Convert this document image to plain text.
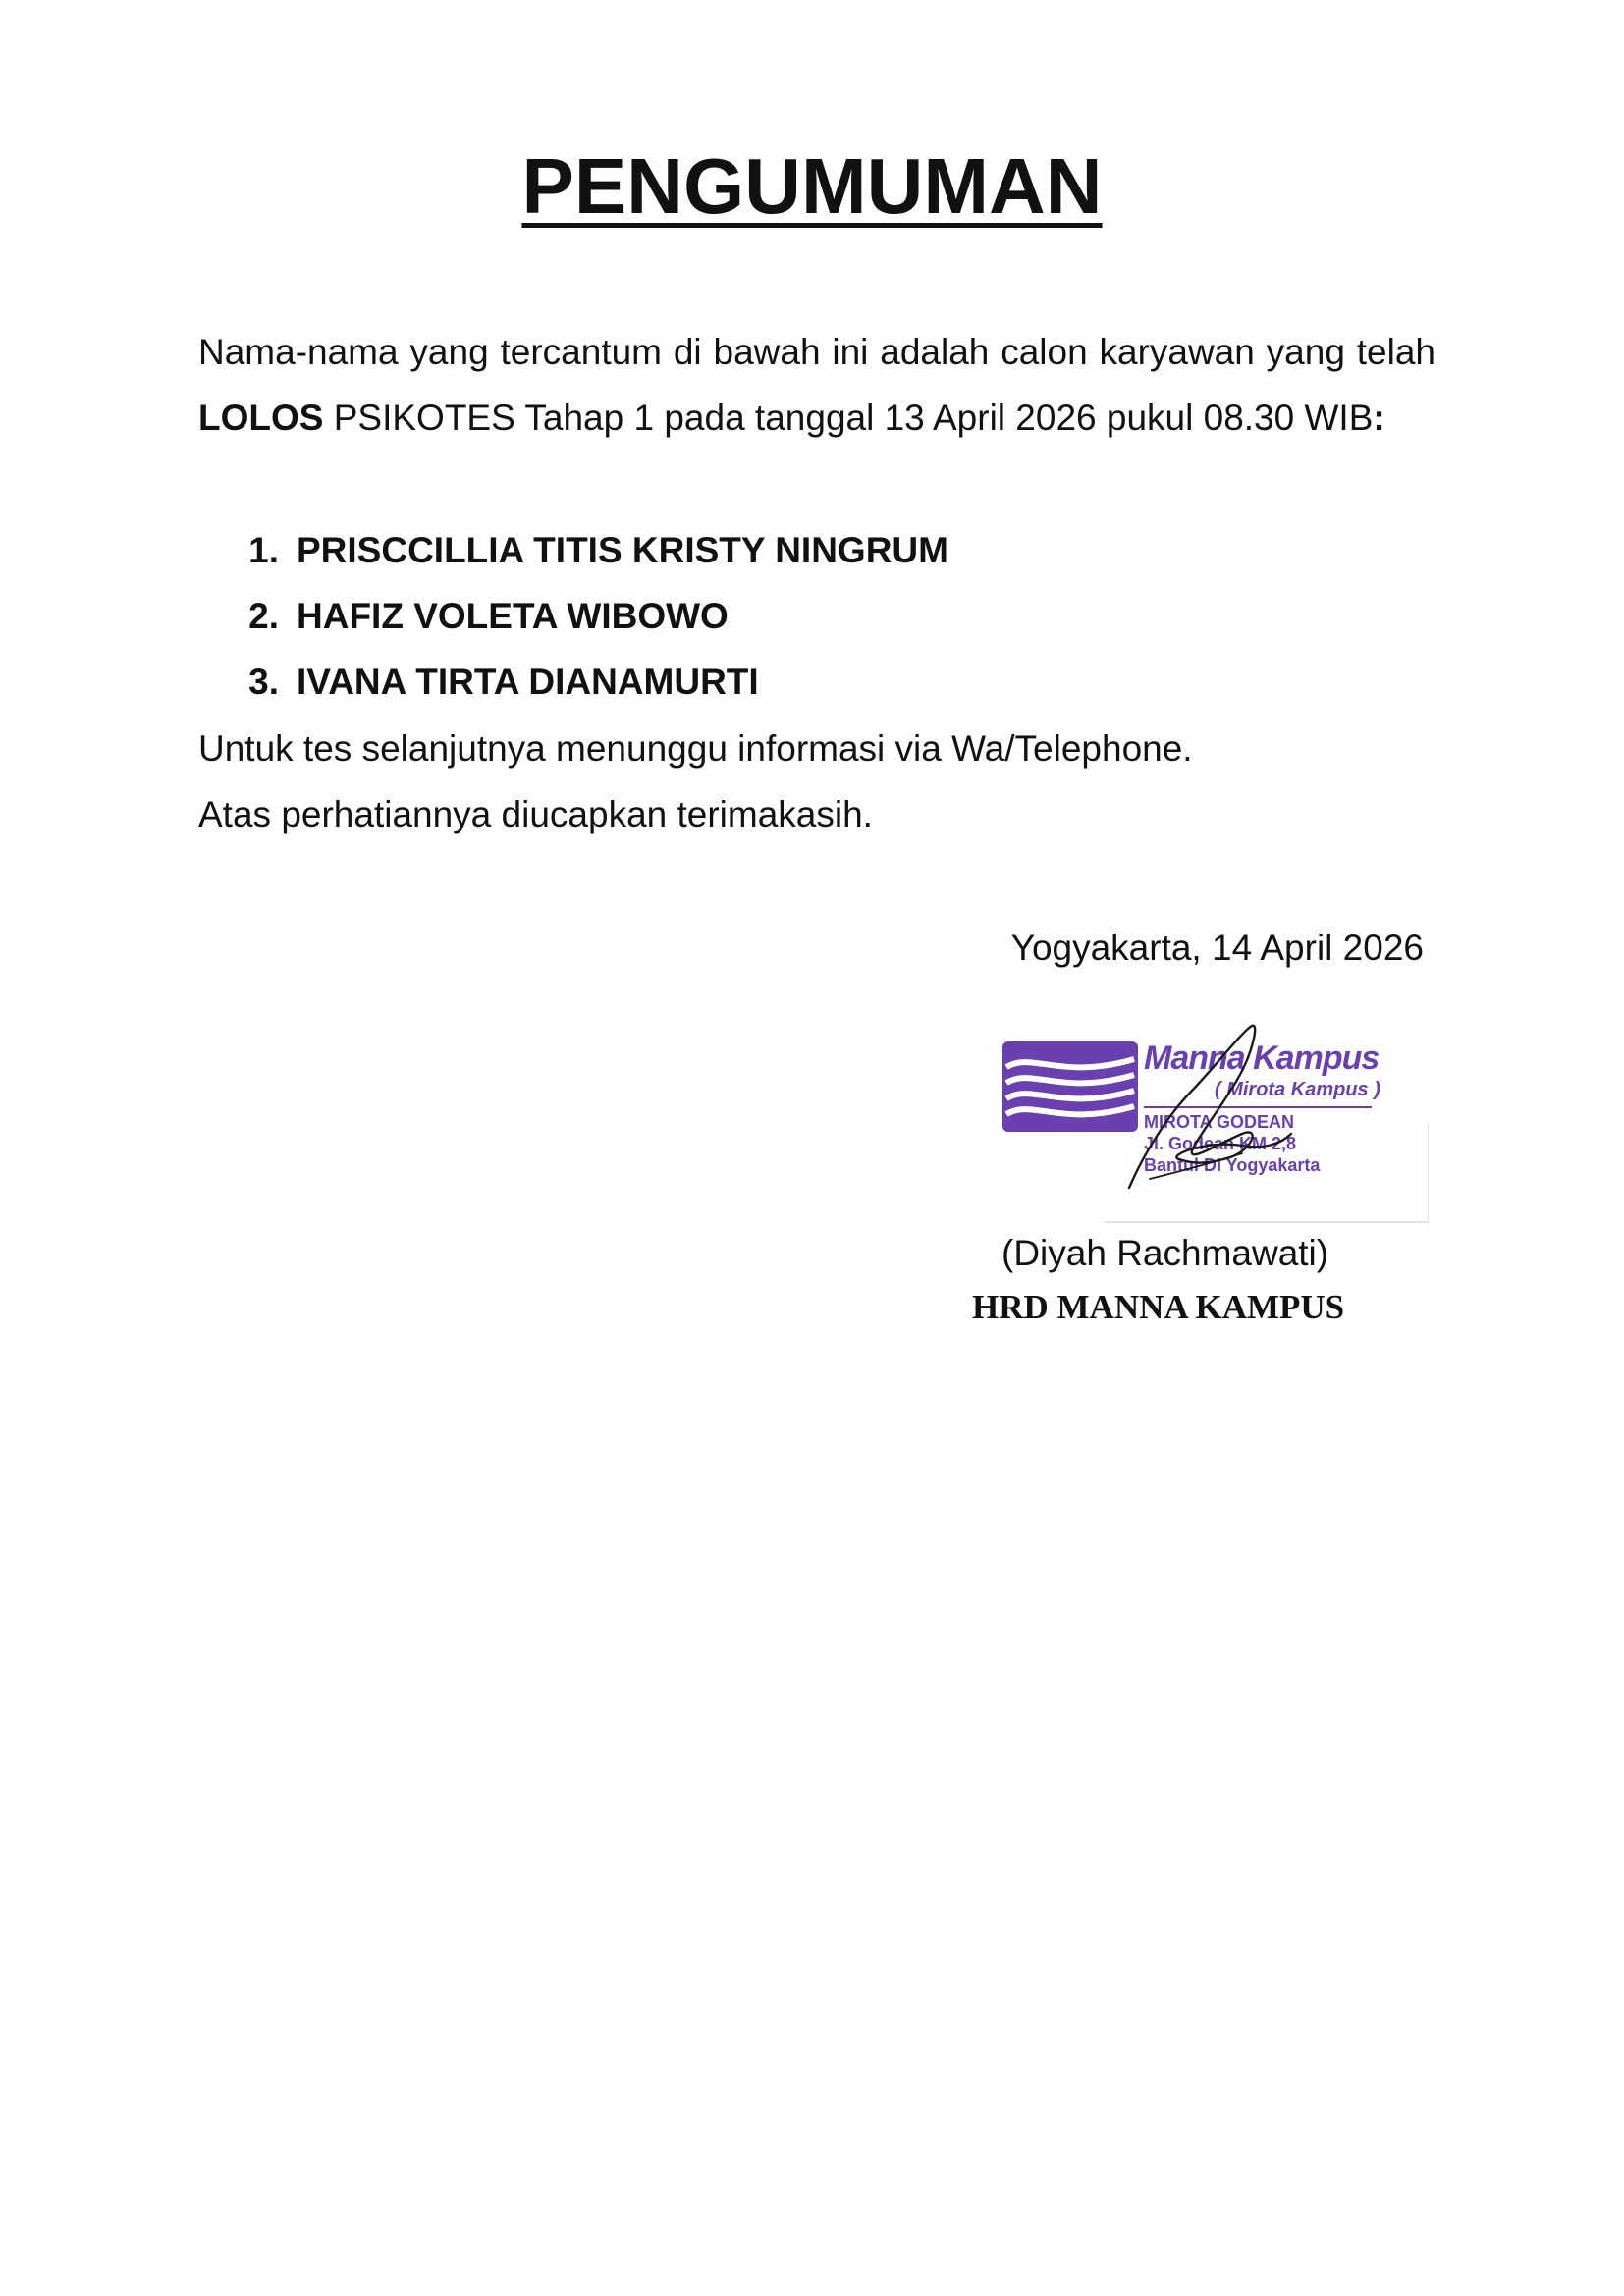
PENGUMUMAN

Nama-nama yang tercantum di bawah ini adalah calon karyawan yang telah LOLOS PSIKOTES Tahap 1 pada tanggal 13 April 2026 pukul 08.30 WIB:

1. PRISCCILLIA TITIS KRISTY NINGRUM
2. HAFIZ VOLETA WIBOWO
3. IVANA TIRTA DIANAMURTI

Untuk tes selanjutnya menunggu informasi via Wa/Telephone.

Atas perhatiannya diucapkan terimakasih.

Yogyakarta, 14 April 2026

Manna Kampus
( Mirota Kampus )
MIROTA GODEAN
Jl. Godean KM 2,8
Bantul DI Yogyakarta

(Diyah Rachmawati)

HRD MANNA KAMPUS
